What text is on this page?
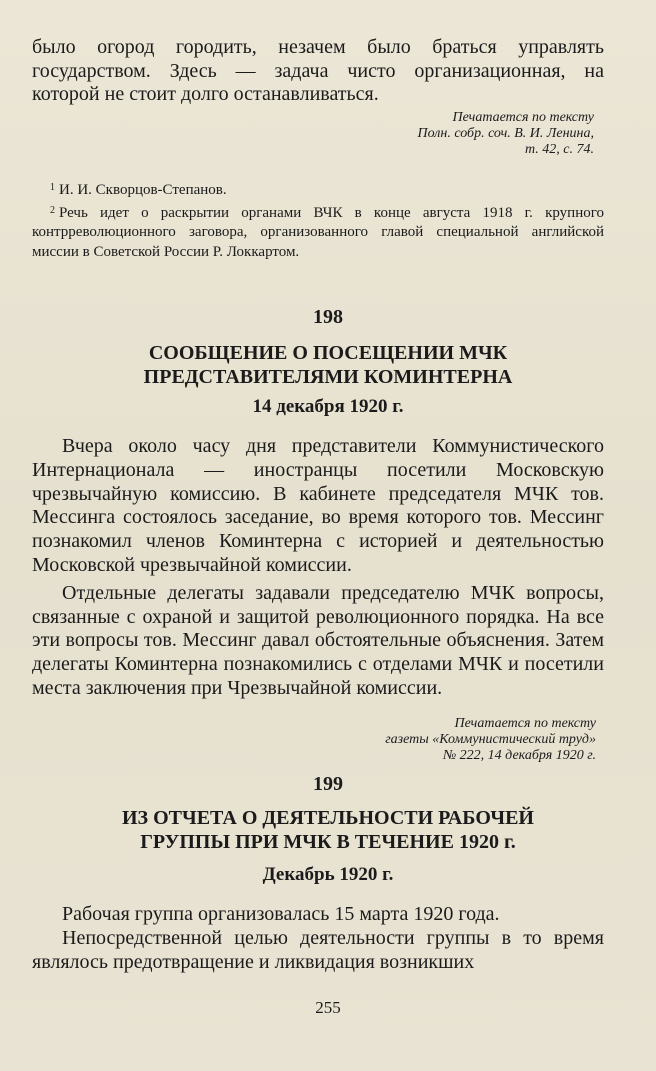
было огород городить, незачем было браться управлять

государством. Здесь — задача чисто организационная, на

которой не стоит долго останавливаться.

Печатается по тексту
Полн. собр. соч. В. И. Ленина,
т. 42, с. 74.

$^1$ И. И. Скворцов-Степанов.

$^2$ Речь идет о раскрытии органами ВЧК в конце августа 1918 г. крупного контрреволюционного заговора, организованного главой специальной английской миссии в Советской России Р. Локкартом.

198

СООБЩЕНИЕ О ПОСЕЩЕНИИ МЧК
ПРЕДСТАВИТЕЛЯМИ КОМИНТЕРНА

14 декабря 1920 г.

Вчера около часу дня представители Коммунистического Интернационала — иностранцы посетили Московскую чрезвычайную комиссию. В кабинете председателя МЧК тов. Мессинга состоялось заседание, во время которого тов. Мессинг познакомил членов Коминтерна с историей и деятельностью Московской чрезвычайной комиссии.

Отдельные делегаты задавали председателю МЧК вопросы, связанные с охраной и защитой революционного порядка. На все эти вопросы тов. Мессинг давал обстоятельные объяснения. Затем делегаты Коминтерна познакомились с отделами МЧК и посетили места заключения при Чрезвычайной комиссии.

Печатается по тексту
газеты «Коммунистический труд»
№ 222, 14 декабря 1920 г.

199

ИЗ ОТЧЕТА О ДЕЯТЕЛЬНОСТИ РАБОЧЕЙ
ГРУППЫ ПРИ МЧК В ТЕЧЕНИЕ 1920 г.

Декабрь 1920 г.

Рабочая группа организовалась 15 марта 1920 года.

Непосредственной целью деятельности группы в то время являлось предотвращение и ликвидация возникших

255
